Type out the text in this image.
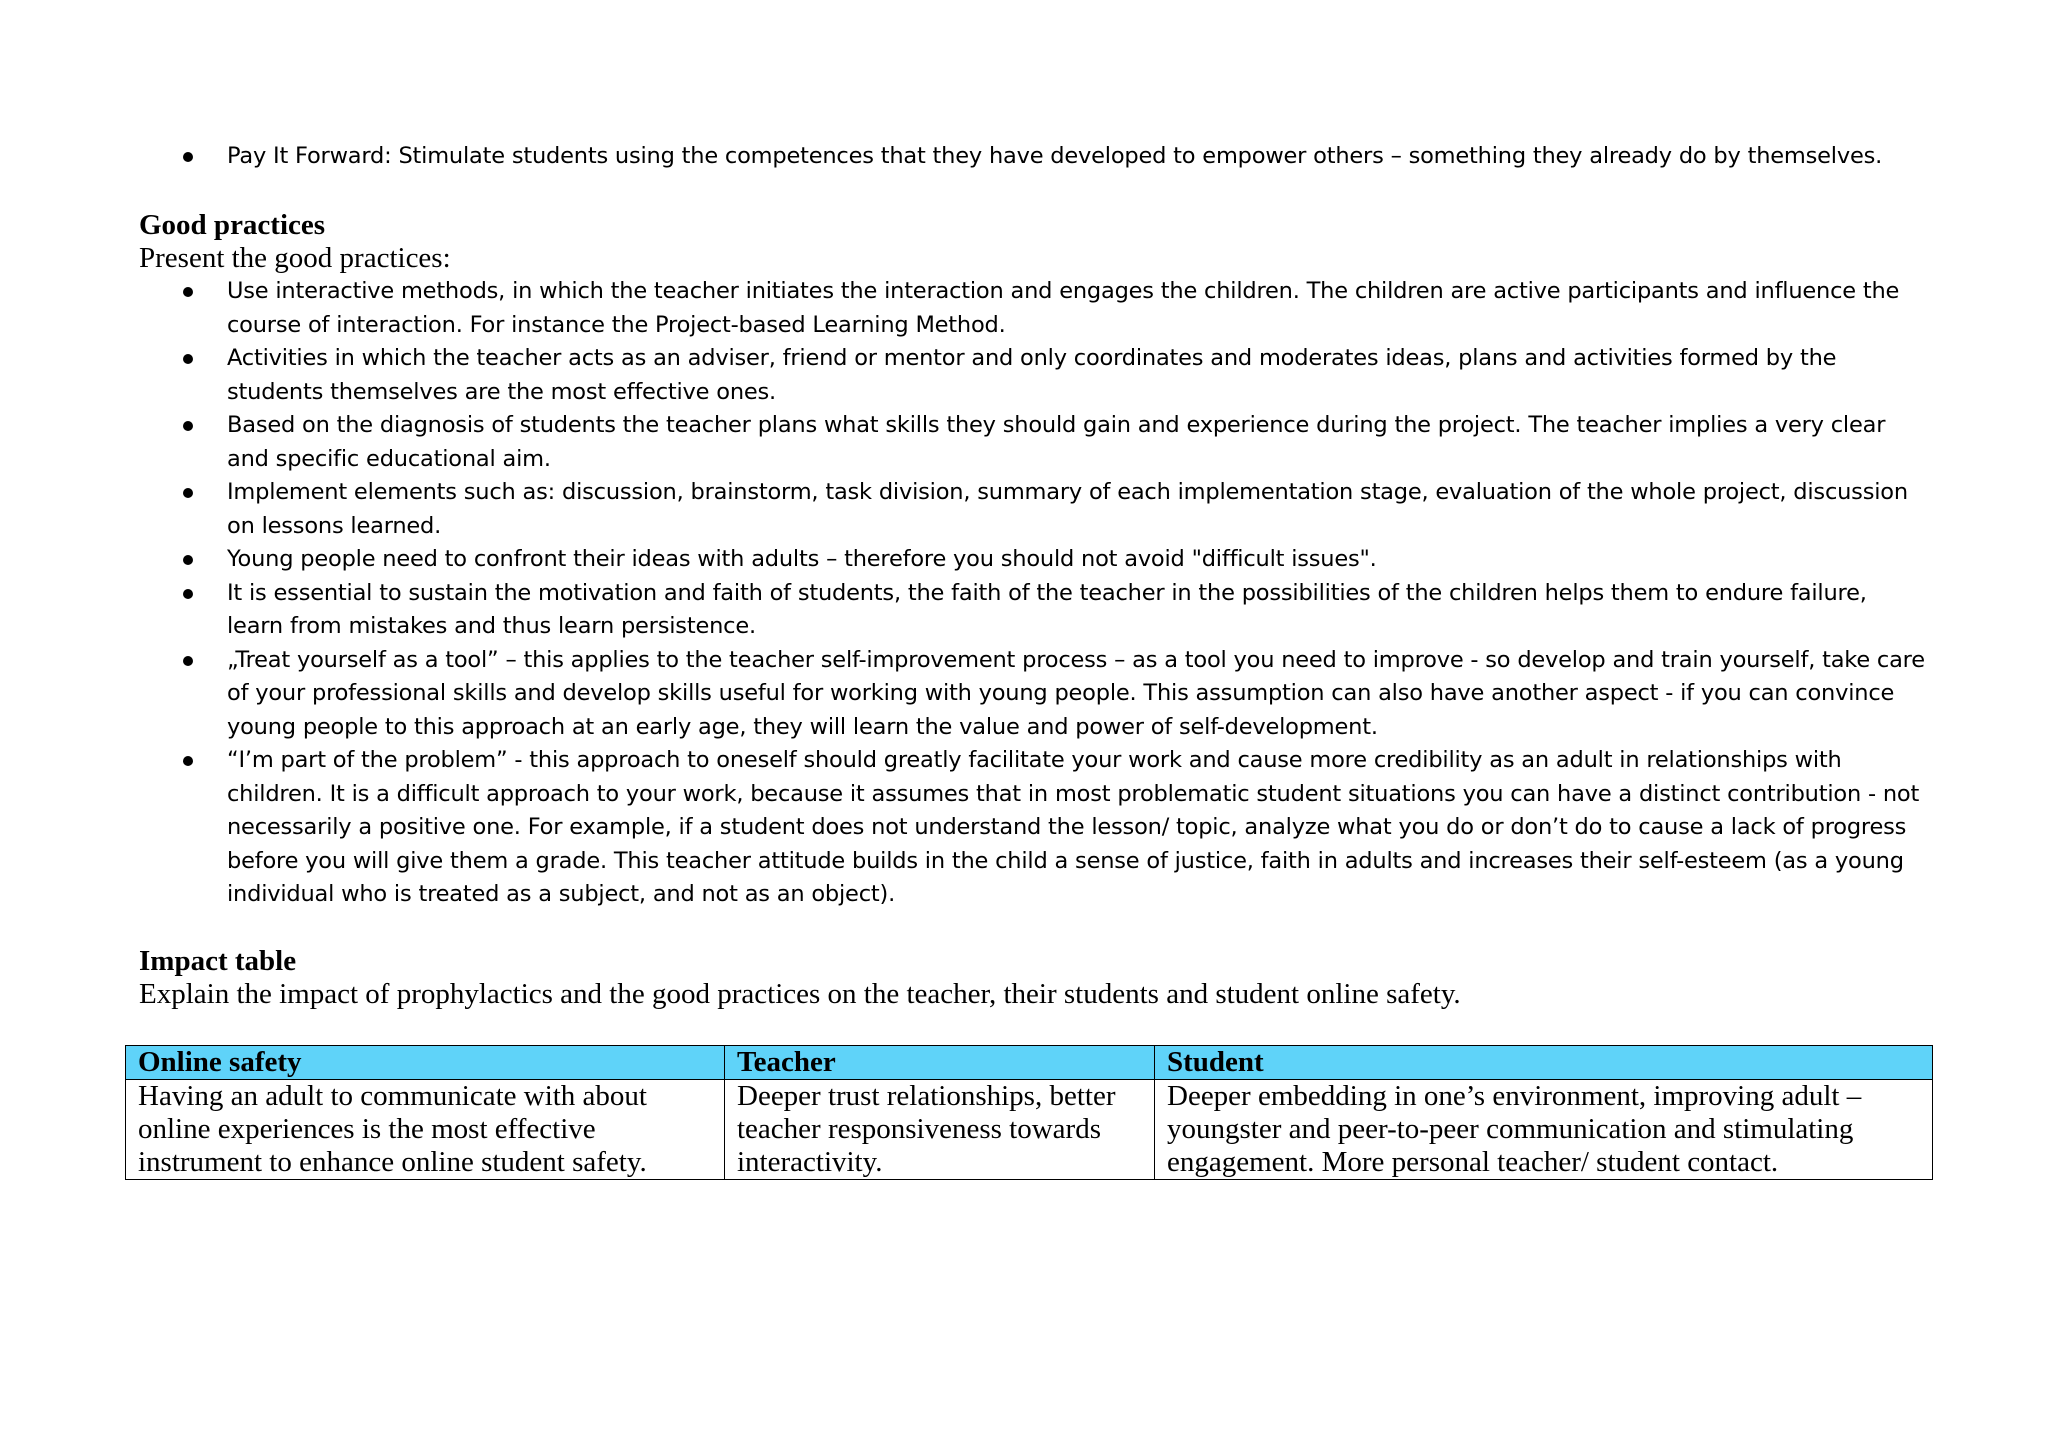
Pay It Forward: Stimulate students using the competences that they have developed to empower others – something they already do by themselves.
Good practices

Present the good practices:

Use interactive methods, in which the teacher initiates the interaction and engages the children. The children are active participants and influence the course of interaction. For instance the Project-based Learning Method.
Activities in which the teacher acts as an adviser, friend or mentor and only coordinates and moderates ideas, plans and activities formed by the students themselves are the most effective ones.
Based on the diagnosis of students the teacher plans what skills they should gain and experience during the project. The teacher implies a very clear and specific educational aim.
Implement elements such as: discussion, brainstorm, task division, summary of each implementation stage, evaluation of the whole project, discussion on lessons learned.
Young people need to confront their ideas with adults – therefore you should not avoid "difficult issues".
It is essential to sustain the motivation and faith of students, the faith of the teacher in the possibilities of the children helps them to endure failure, learn from mistakes and thus learn persistence.
„Treat yourself as a tool” – this applies to the teacher self-improvement process – as a tool you need to improve - so develop and train yourself, take care of your professional skills and develop skills useful for working with young people. This assumption can also have another aspect - if you can convince young people to this approach at an early age, they will learn the value and power of self-development.
“I’m part of the problem” - this approach to oneself should greatly facilitate your work and cause more credibility as an adult in relationships with children. It is a difficult approach to your work, because it assumes that in most problematic student situations you can have a distinct contribution - not necessarily a positive one. For example, if a student does not understand the lesson/ topic, analyze what you do or don’t do to cause a lack of progress before you will give them a grade. This teacher attitude builds in the child a sense of justice, faith in adults and increases their self-esteem (as a young individual who is treated as a subject, and not as an object).
Impact table

Explain the impact of prophylactics and the good practices on the teacher, their students and student online safety.

Online safety	Teacher	Student
Having an adult to communicate with about online experiences is the most effective instrument to enhance online student safety.	Deeper trust relationships, better teacher responsiveness towards interactivity.	Deeper embedding in one’s environment, improving adult – youngster and peer-to-peer communication and stimulating engagement. More personal teacher/ student contact.
